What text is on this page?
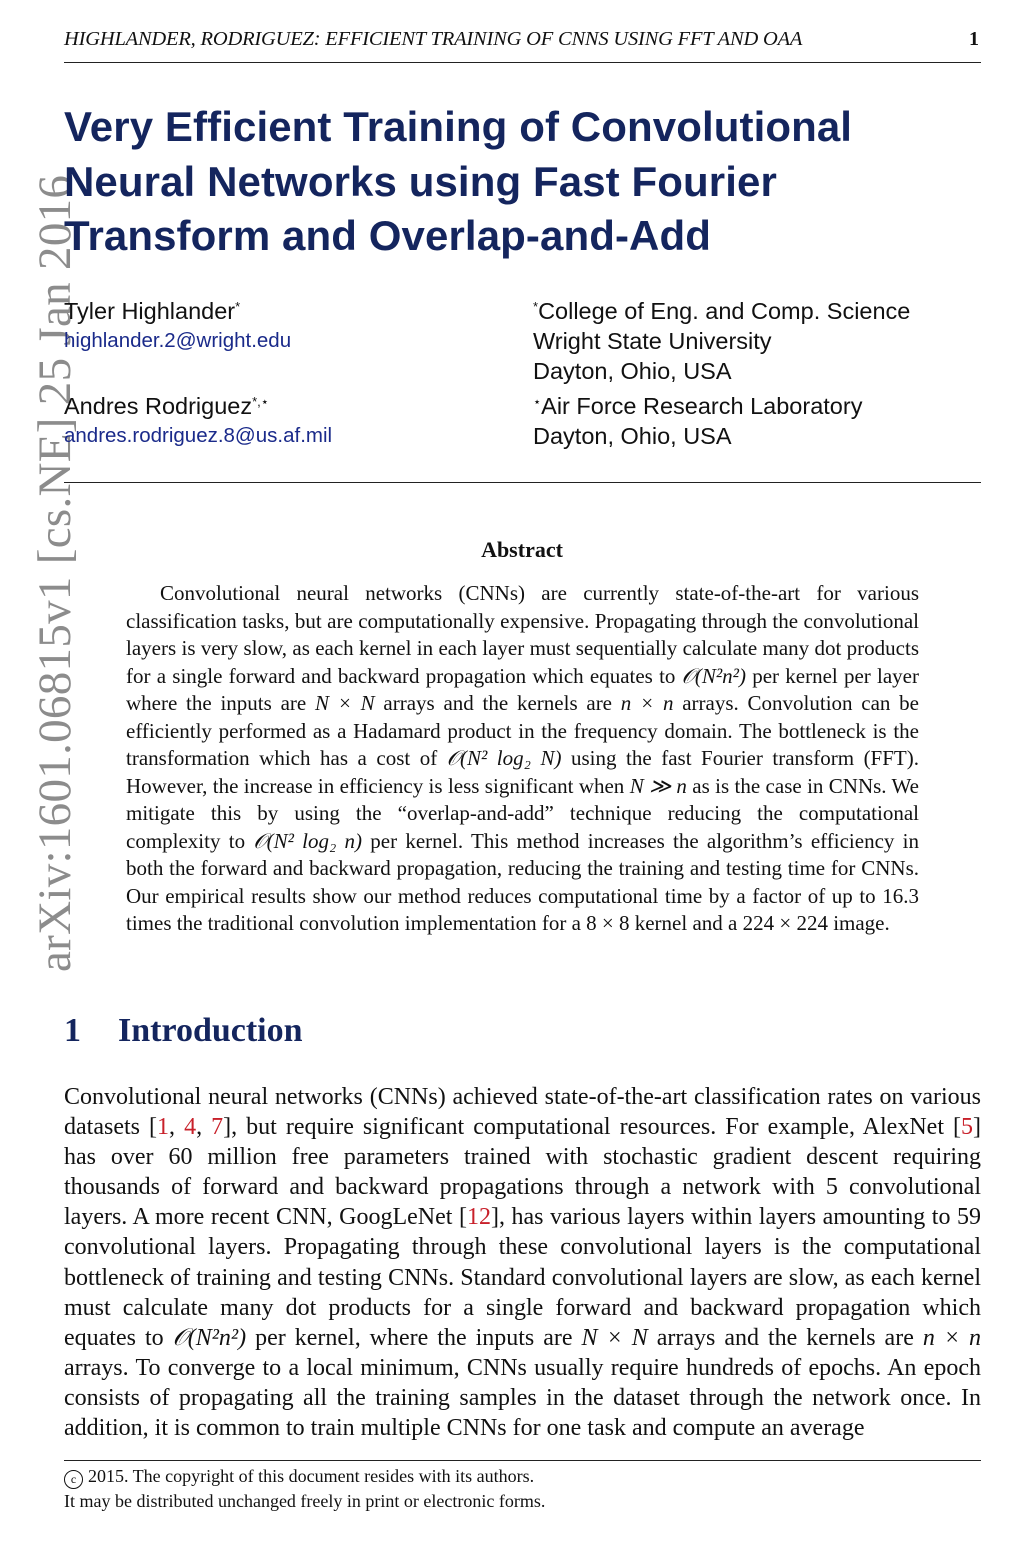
HIGHLANDER, RODRIGUEZ: EFFICIENT TRAINING OF CNNS USING FFT AND OAA	1
arXiv:1601.06815v1 [cs.NE] 25 Jan 2016
Very Efficient Training of Convolutional
Neural Networks using Fast Fourier
Transform and Overlap-and-Add
Tyler Highlander*
highlander.2@wright.edu
Andres Rodriguez*,⋆
andres.rodriguez.8@us.af.mil
*College of Eng. and Comp. Science
Wright State University
Dayton, Ohio, USA
⋆Air Force Research Laboratory
Dayton, Ohio, USA
Abstract

Convolutional neural networks (CNNs) are currently state-of-the-art for various classification tasks, but are computationally expensive. Propagating through the convolutional layers is very slow, as each kernel in each layer must sequentially calculate many dot products for a single forward and backward propagation which equates to 𝒪(N²n²) per kernel per layer where the inputs are N × N arrays and the kernels are n × n arrays. Convolution can be efficiently performed as a Hadamard product in the frequency domain. The bottleneck is the transformation which has a cost of 𝒪(N² log₂ N) using the fast Fourier transform (FFT). However, the increase in efficiency is less significant when N ≫ n as is the case in CNNs. We mitigate this by using the “overlap-and-add” technique reducing the computational complexity to 𝒪(N² log₂ n) per kernel. This method increases the algorithm’s efficiency in both the forward and backward propagation, reducing the training and testing time for CNNs. Our empirical results show our method reduces computational time by a factor of up to 16.3 times the traditional convolution implementation for a 8 × 8 kernel and a 224 × 224 image.

1 Introduction

Convolutional neural networks (CNNs) achieved state-of-the-art classification rates on various datasets [1, 4, 7], but require significant computational resources. For example, AlexNet [5] has over 60 million free parameters trained with stochastic gradient descent requiring thousands of forward and backward propagations through a network with 5 convolutional layers. A more recent CNN, GoogLeNet [12], has various layers within layers amounting to 59 convolutional layers. Propagating through these convolutional layers is the computational bottleneck of training and testing CNNs. Standard convolutional layers are slow, as each kernel must calculate many dot products for a single forward and backward propagation which equates to 𝒪(N²n²) per kernel, where the inputs are N × N arrays and the kernels are n × n arrays. To converge to a local minimum, CNNs usually require hundreds of epochs. An epoch consists of propagating all the training samples in the dataset through the network once. In addition, it is common to train multiple CNNs for one task and compute an average

c 2015. The copyright of this document resides with its authors.
It may be distributed unchanged freely in print or electronic forms.
